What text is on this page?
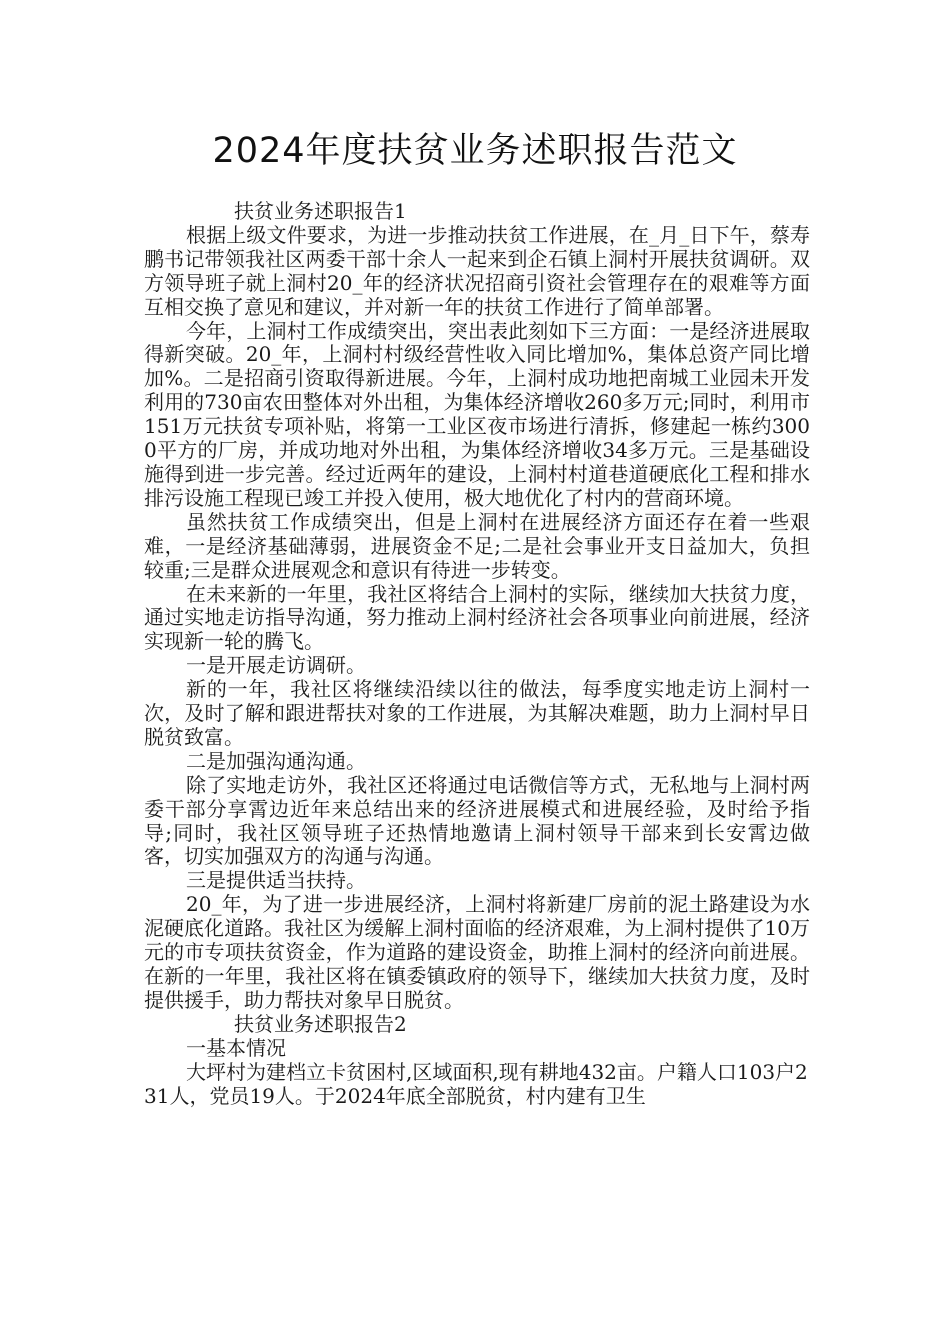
2024年度扶贫业务述职报告范文

扶贫业务述职报告1

根据上级文件要求，为进一步推动扶贫工作进展，在_月_日下午，蔡寿鹏书记带领我社区两委干部十余人一起来到企石镇上洞村开展扶贫调研。双方领导班子就上洞村20_年的经济状况招商引资社会管理存在的艰难等方面互相交换了意见和建议，并对新一年的扶贫工作进行了简单部署。

今年，上洞村工作成绩突出，突出表此刻如下三方面：一是经济进展取得新突破。20_年，上洞村村级经营性收入同比增加%，集体总资产同比增加%。二是招商引资取得新进展。今年，上洞村成功地把南城工业园未开发利用的730亩农田整体对外出租，为集体经济增收260多万元;同时，利用市151万元扶贫专项补贴，将第一工业区夜市场进行清拆，修建起一栋约3000平方的厂房，并成功地对外出租，为集体经济增收34多万元。三是基础设施得到进一步完善。经过近两年的建设，上洞村村道巷道硬底化工程和排水排污设施工程现已竣工并投入使用，极大地优化了村内的营商环境。

虽然扶贫工作成绩突出，但是上洞村在进展经济方面还存在着一些艰难，一是经济基础薄弱，进展资金不足;二是社会事业开支日益加大，负担较重;三是群众进展观念和意识有待进一步转变。

在未来新的一年里，我社区将结合上洞村的实际，继续加大扶贫力度，通过实地走访指导沟通，努力推动上洞村经济社会各项事业向前进展，经济实现新一轮的腾飞。

一是开展走访调研。

新的一年，我社区将继续沿续以往的做法，每季度实地走访上洞村一次，及时了解和跟进帮扶对象的工作进展，为其解决难题，助力上洞村早日脱贫致富。

二是加强沟通沟通。

除了实地走访外，我社区还将通过电话微信等方式，无私地与上洞村两委干部分享霄边近年来总结出来的经济进展模式和进展经验，及时给予指导;同时，我社区领导班子还热情地邀请上洞村领导干部来到长安霄边做客，切实加强双方的沟通与沟通。

三是提供适当扶持。

20_年，为了进一步进展经济，上洞村将新建厂房前的泥土路建设为水泥硬底化道路。我社区为缓解上洞村面临的经济艰难，为上洞村提供了10万元的市专项扶贫资金，作为道路的建设资金，助推上洞村的经济向前进展。在新的一年里，我社区将在镇委镇政府的领导下，继续加大扶贫力度，及时提供援手，助力帮扶对象早日脱贫。

扶贫业务述职报告2

一基本情况

大坪村为建档立卡贫困村,区域面积,现有耕地432亩。户籍人口103户231人，党员19人。于2024年底全部脱贫，村内建有卫生
